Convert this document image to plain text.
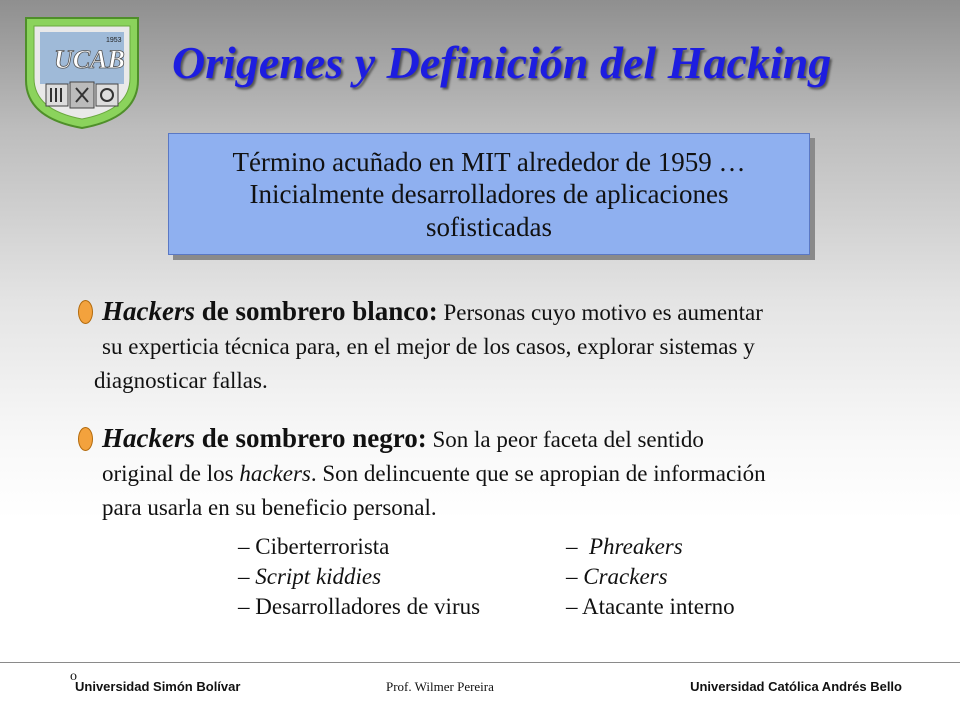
1953
UCAB Origenes y Definición del Hacking
Término acuñado en MIT alrededor de 1959 …
Inicialmente desarrolladores de aplicaciones
sofisticadas
Hackers de sombrero blanco: Personas cuyo motivo es aumentar
su experticia técnica para, en el mejor de los casos, explorar sistemas y
diagnosticar fallas.
Hackers de sombrero negro: Son la peor faceta del sentido
original de los hackers. Son delincuente que se apropian de información
para usarla en su beneficio personal.
– Ciberterrorista
– Script kiddies
– Desarrolladores de virus
–  Phreakers
– Crackers
– Atacante interno
o
Universidad Simón Bolívar	Prof. Wilmer Pereira	Universidad Católica Andrés Bello
